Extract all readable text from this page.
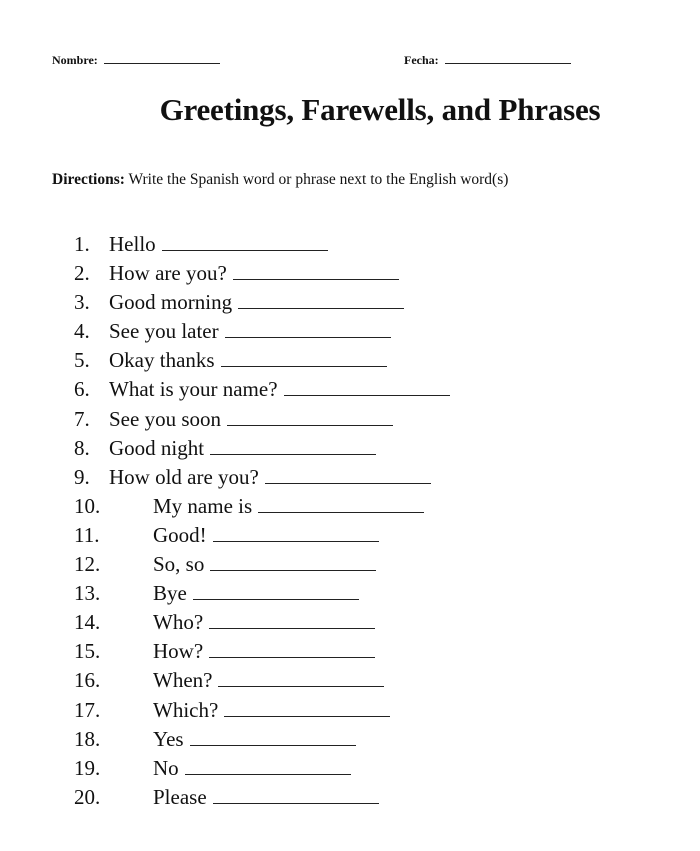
Nombre:	Fecha:
Greetings, Farewells, and Phrases
Directions: Write the Spanish word or phrase next to the English word(s)
1. Hello
2. How are you?
3. Good morning
4. See you later
5. Okay thanks
6. What is your name?
7. See you soon
8. Good night
9. How old are you?
10.	My name is
11.	Good!
12.	So, so
13.	Bye
14.	Who?
15.	How?
16.	When?
17.	Which?
18.	Yes
19.	No
20.	Please
